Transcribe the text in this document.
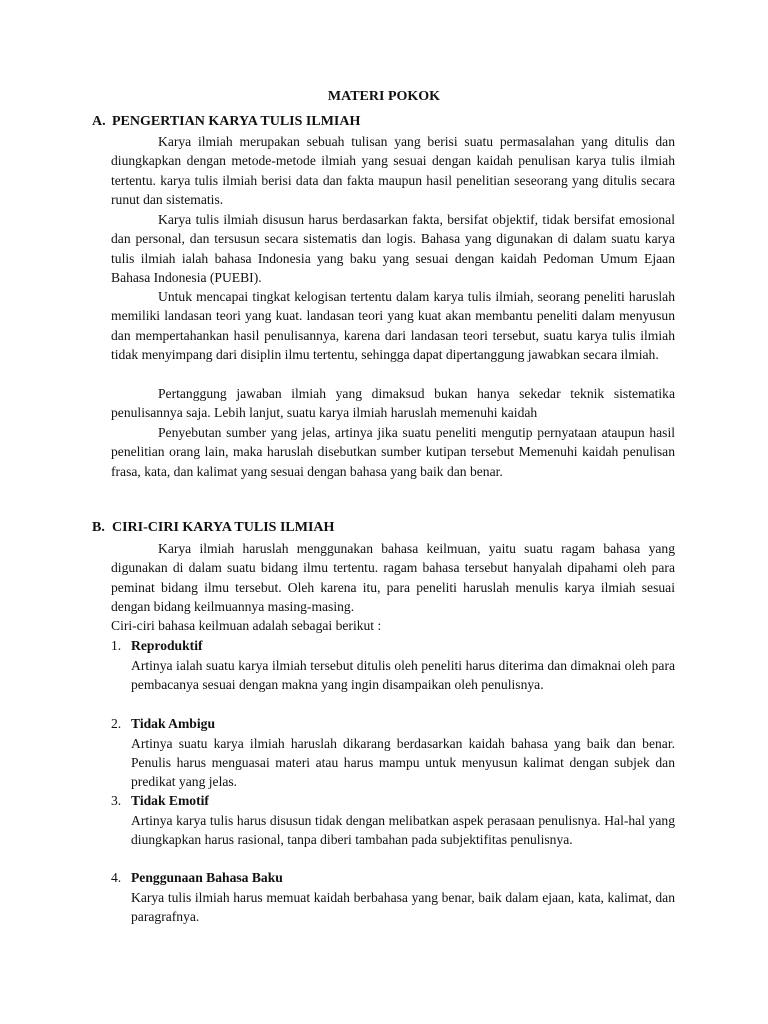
MATERI POKOK
A. PENGERTIAN KARYA TULIS ILMIAH

Karya ilmiah merupakan sebuah tulisan yang berisi suatu permasalahan yang ditulis dan diungkapkan dengan metode-metode ilmiah yang sesuai dengan kaidah penulisan karya tulis ilmiah tertentu. karya tulis ilmiah berisi data dan fakta maupun hasil penelitian seseorang yang ditulis secara runut dan sistematis.

Karya tulis ilmiah disusun harus berdasarkan fakta, bersifat objektif, tidak bersifat emosional dan personal, dan tersusun secara sistematis dan logis. Bahasa yang digunakan di dalam suatu karya tulis ilmiah ialah bahasa Indonesia yang baku yang sesuai dengan kaidah Pedoman Umum Ejaan Bahasa Indonesia (PUEBI).

Untuk mencapai tingkat kelogisan tertentu dalam karya tulis ilmiah, seorang peneliti haruslah memiliki landasan teori yang kuat. landasan teori yang kuat akan membantu peneliti dalam menyusun dan mempertahankan hasil penulisannya, karena dari landasan teori tersebut, suatu karya tulis ilmiah tidak menyimpang dari disiplin ilmu tertentu, sehingga dapat dipertanggung jawabkan secara ilmiah.

Pertanggung jawaban ilmiah yang dimaksud bukan hanya sekedar teknik sistematika penulisannya saja. Lebih lanjut, suatu karya ilmiah haruslah memenuhi kaidah

Penyebutan sumber yang jelas, artinya jika suatu peneliti mengutip pernyataan ataupun hasil penelitian orang lain, maka haruslah disebutkan sumber kutipan tersebut Memenuhi kaidah penulisan frasa, kata, dan kalimat yang sesuai dengan bahasa yang baik dan benar.

B. CIRI-CIRI KARYA TULIS ILMIAH

Karya ilmiah haruslah menggunakan bahasa keilmuan, yaitu suatu ragam bahasa yang digunakan di dalam suatu bidang ilmu tertentu. ragam bahasa tersebut hanyalah dipahami oleh para peminat bidang ilmu tersebut. Oleh karena itu, para peneliti haruslah menulis karya ilmiah sesuai dengan bidang keilmuannya masing-masing.

Ciri-ciri bahasa keilmuan adalah sebagai berikut :

1. Reproduktif

Artinya ialah suatu karya ilmiah tersebut ditulis oleh peneliti harus diterima dan dimaknai oleh para pembacanya sesuai dengan makna yang ingin disampaikan oleh penulisnya.

2. Tidak Ambigu

Artinya suatu karya ilmiah haruslah dikarang berdasarkan kaidah bahasa yang baik dan benar. Penulis harus menguasai materi atau harus mampu untuk menyusun kalimat dengan subjek dan predikat yang jelas.

3. Tidak Emotif

Artinya karya tulis harus disusun tidak dengan melibatkan aspek perasaan penulisnya. Hal-hal yang diungkapkan harus rasional, tanpa diberi tambahan pada subjektifitas penulisnya.

4. Penggunaan Bahasa Baku

Karya tulis ilmiah harus memuat kaidah berbahasa yang benar, baik dalam ejaan, kata, kalimat, dan paragrafnya.
